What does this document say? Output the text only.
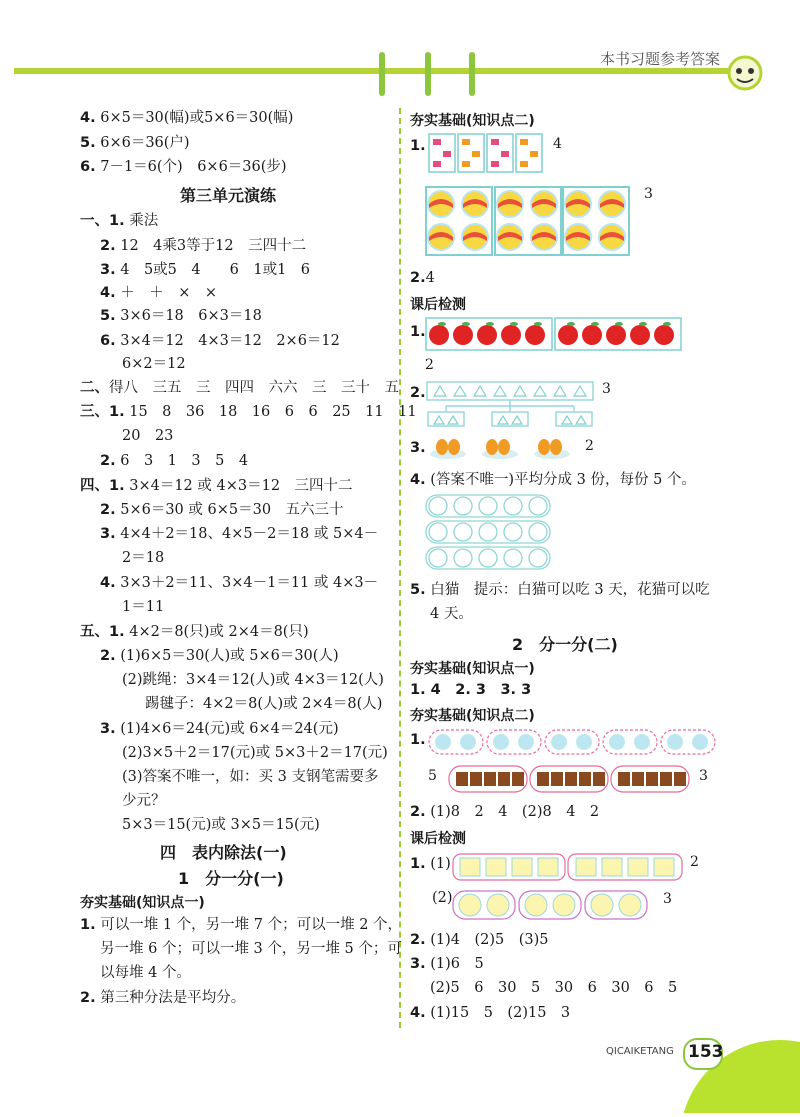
本书习题参考答案
4. 6×5＝30(幅)或5×6＝30(幅)
5. 6×6＝36(户)
6. 7－1＝6(个)　6×6＝36(步)
第三单元演练
一、1. 乘法
2. 12　4乘3等于12　三四十二
3. 4　5或5　4　　6　1或1　6
4. ＋　＋　×　×
5. 3×6＝18　6×3＝18
6. 3×4＝12　4×3＝12　2×6＝12
6×2＝12
二、得八　三五　三　四四　六六　三　三十　五
三、1. 15　8　36　18　16　6　6　25　11　11
20　23
2. 6　3　1　3　5　4
四、1. 3×4＝12 或 4×3＝12　三四十二
2. 5×6＝30 或 6×5＝30　五六三十
3. 4×4＋2＝18、4×5－2＝18 或 5×4－
2＝18
4. 3×3＋2＝11、3×4－1＝11 或 4×3－
1＝11
五、1. 4×2＝8(只)或 2×4＝8(只)
2. (1)6×5＝30(人)或 5×6＝30(人)
(2)跳绳：3×4＝12(人)或 4×3＝12(人)
踢毽子：4×2＝8(人)或 2×4＝8(人)
3. (1)4×6＝24(元)或 6×4＝24(元)
(2)3×5＋2＝17(元)或 5×3＋2＝17(元)
(3)答案不唯一，如：买 3 支钢笔需要多
少元？
5×3＝15(元)或 3×5＝15(元)
四　表内除法(一)
1　分一分(一)
夯实基础(知识点一)
1. 可以一堆 1 个，另一堆 7 个；可以一堆 2 个，
另一堆 6 个；可以一堆 3 个，另一堆 5 个；可
以每堆 4 个。
2. 第三种分法是平均分。
夯实基础(知识点二)
1.	4
3
2.4
课后检测
1.
2
2.	3
3.	2
4. (答案不唯一)平均分成 3 份，每份 5 个。
5. 白猫　提示：白猫可以吃 3 天，花猫可以吃
4 天。
2　分一分(二)
夯实基础(知识点一)
1. 4　2. 3　3. 3
夯实基础(知识点二)
1.
5	3
2. (1)8　2　4　(2)8　4　2
课后检测
1. (1)	2
(2)	3
2. (1)4　(2)5　(3)5
3. (1)6　5
(2)5　6　30　5　30　6　30　6　5
4. (1)15　5　(2)15　3
QICAIKETANG 153
